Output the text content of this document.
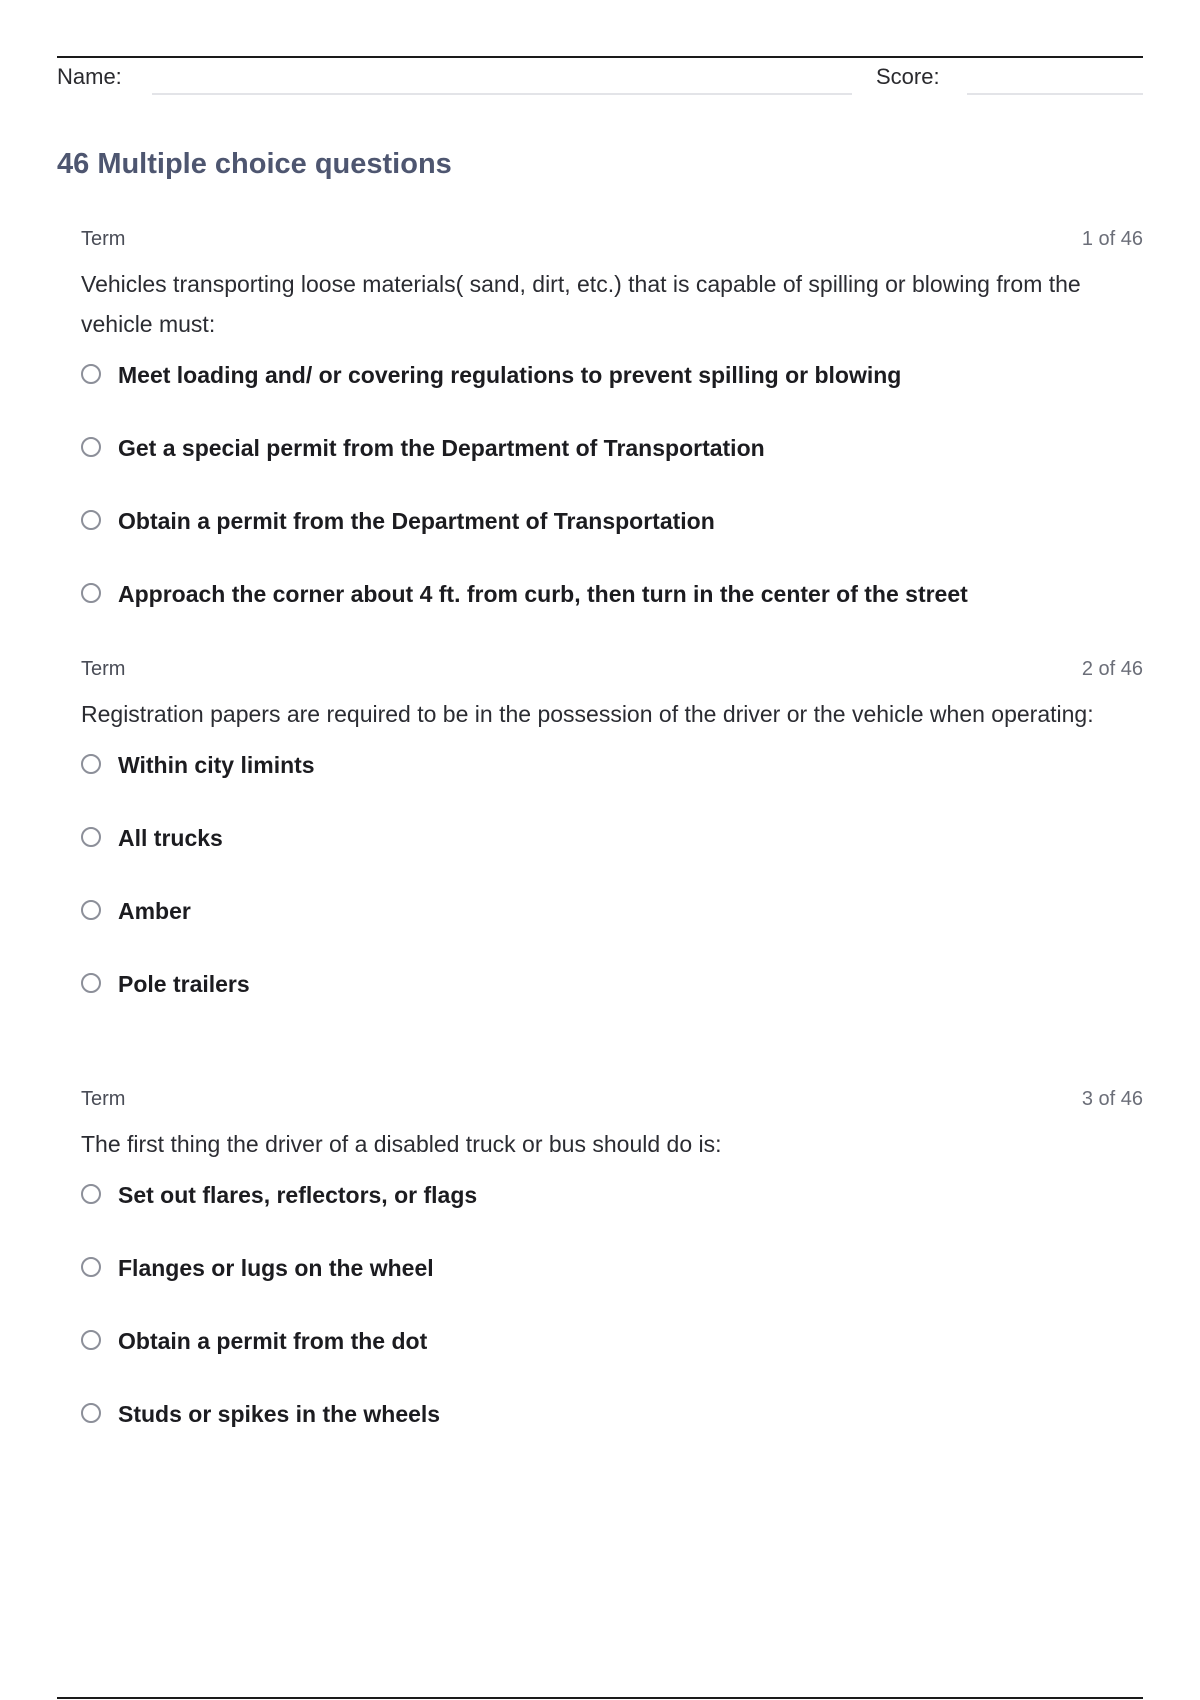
Name:	Score:
46 Multiple choice questions
Term	1 of 46
Vehicles transporting loose materials( sand, dirt, etc.) that is capable of spilling or blowing from the vehicle must:
Meet loading and/ or covering regulations to prevent spilling or blowing
Get a special permit from the Department of Transportation
Obtain a permit from the Department of Transportation
Approach the corner about 4 ft. from curb, then turn in the center of the street
Term	2 of 46
Registration papers are required to be in the possession of the driver or the vehicle when operating:
Within city limints
All trucks
Amber
Pole trailers
Term	3 of 46
The first thing the driver of a disabled truck or bus should do is:
Set out flares, reflectors, or flags
Flanges or lugs on the wheel
Obtain a permit from the dot
Studs or spikes in the wheels
